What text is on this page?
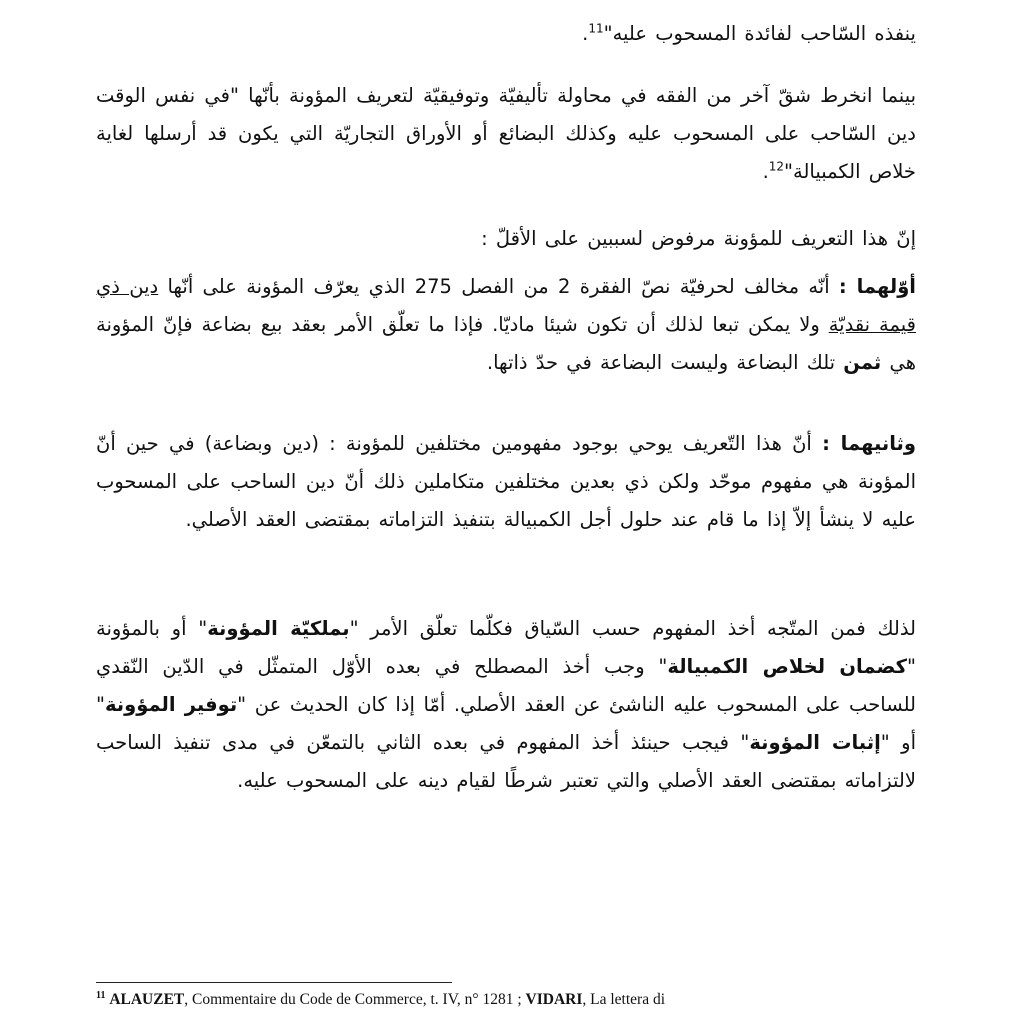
ينفذه السّاحب لفائدة المسحوب عليه"$^{11}$.

بينما انخرط شقّ آخر من الفقه في محاولة تأليفيّة وتوفيقيّة لتعريف المؤونة بأنّها "في نفس الوقت دين السّاحب على المسحوب عليه وكذلك البضائع أو الأوراق التجاريّة التي يكون قد أرسلها لغاية خلاص الكمبيالة"$^{12}$.

إنّ هذا التعريف للمؤونة مرفوض لسببين على الأقلّ :

أوّلهما : أنّه مخالف لحرفيّة نصّ الفقرة 2 من الفصل 275 الذي يعرّف المؤونة على أنّها دين ذي قيمة نقديّة ولا يمكن تبعا لذلك أن تكون شيئا ماديّا. فإذا ما تعلّق الأمر بعقد بيع بضاعة فإنّ المؤونة هي ثمن تلك البضاعة وليست البضاعة في حدّ ذاتها.

وثانيهما : أنّ هذا التّعريف يوحي بوجود مفهومين مختلفين للمؤونة : (دين وبضاعة) في حين أنّ المؤونة هي مفهوم موحّد ولكن ذي بعدين مختلفين متكاملين ذلك أنّ دين الساحب على المسحوب عليه لا ينشأ إلاّ إذا ما قام عند حلول أجل الكمبيالة بتنفيذ التزاماته بمقتضى العقد الأصلي.

لذلك فمن المتّجه أخذ المفهوم حسب السّياق فكلّما تعلّق الأمر "بملكيّة المؤونة" أو بالمؤونة "كضمان لخلاص الكمبيالة" وجب أخذ المصطلح في بعده الأوّل المتمثّل في الدّين النّقدي للساحب على المسحوب عليه الناشئ عن العقد الأصلي. أمّا إذا كان الحديث عن "توفير المؤونة" أو "إثبات المؤونة" فيجب حينئذ أخذ المفهوم في بعده الثاني بالتمعّن في مدى تنفيذ الساحب لالتزاماته بمقتضى العقد الأصلي والتي تعتبر شرطًا لقيام دينه على المسحوب عليه.

$^{11}$ ALAUZET, Commentaire du Code de Commerce, t. IV, n° 1281 ; VIDARI, La lettera di
